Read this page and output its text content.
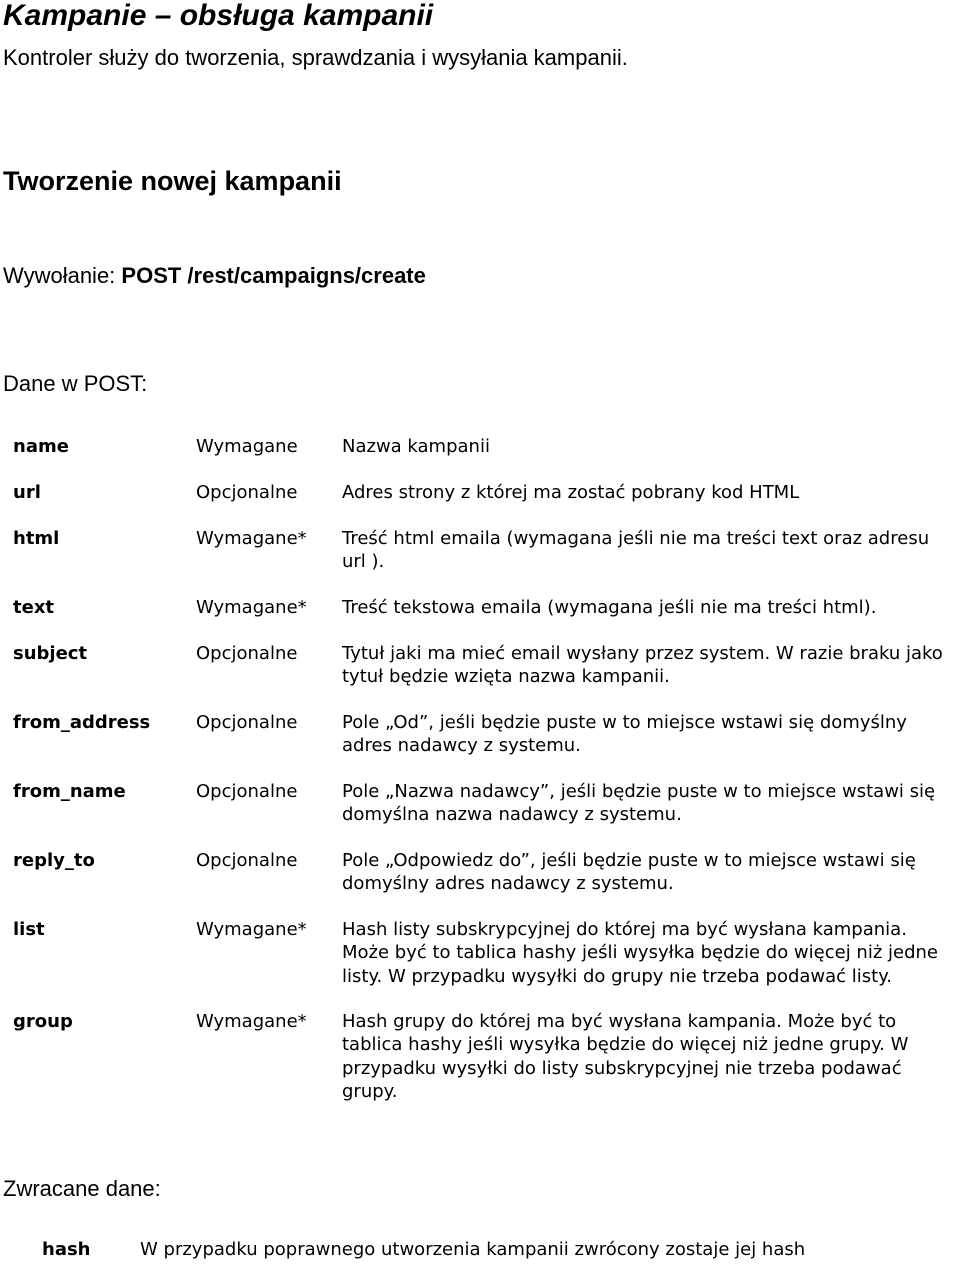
Kampanie – obsługa kampanii

Kontroler służy do tworzenia, sprawdzania i wysyłania kampanii.

Tworzenie nowej kampanii

Wywołanie: POST /rest/campaigns/create

Dane w POST:

name	Wymagane	Nazwa kampanii
url	Opcjonalne	Adres strony z której ma zostać pobrany kod HTML
html	Wymagane*	Treść html emaila (wymagana jeśli nie ma treści text oraz adresu url ).
text	Wymagane*	Treść tekstowa emaila (wymagana jeśli nie ma treści html).
subject	Opcjonalne	Tytuł jaki ma mieć email wysłany przez system. W razie braku jako tytuł będzie wzięta nazwa kampanii.
from_address	Opcjonalne	Pole „Od”, jeśli będzie puste w to miejsce wstawi się domyślny adres nadawcy z systemu.
from_name	Opcjonalne	Pole „Nazwa nadawcy”, jeśli będzie puste w to miejsce wstawi się domyślna nazwa nadawcy z systemu.
reply_to	Opcjonalne	Pole „Odpowiedz do”, jeśli będzie puste w to miejsce wstawi się domyślny adres nadawcy z systemu.
list	Wymagane*	Hash listy subskrypcyjnej do której ma być wysłana kampania. Może być to tablica hashy jeśli wysyłka będzie do więcej niż jedne listy. W przypadku wysyłki do grupy nie trzeba podawać listy.
group	Wymagane*	Hash grupy do której ma być wysłana kampania. Może być to tablica hashy jeśli wysyłka będzie do więcej niż jedne grupy. W przypadku wysyłki do listy subskrypcyjnej nie trzeba podawać grupy.

Zwracane dane:

hash	W przypadku poprawnego utworzenia kampanii zwrócony zostaje jej hash
